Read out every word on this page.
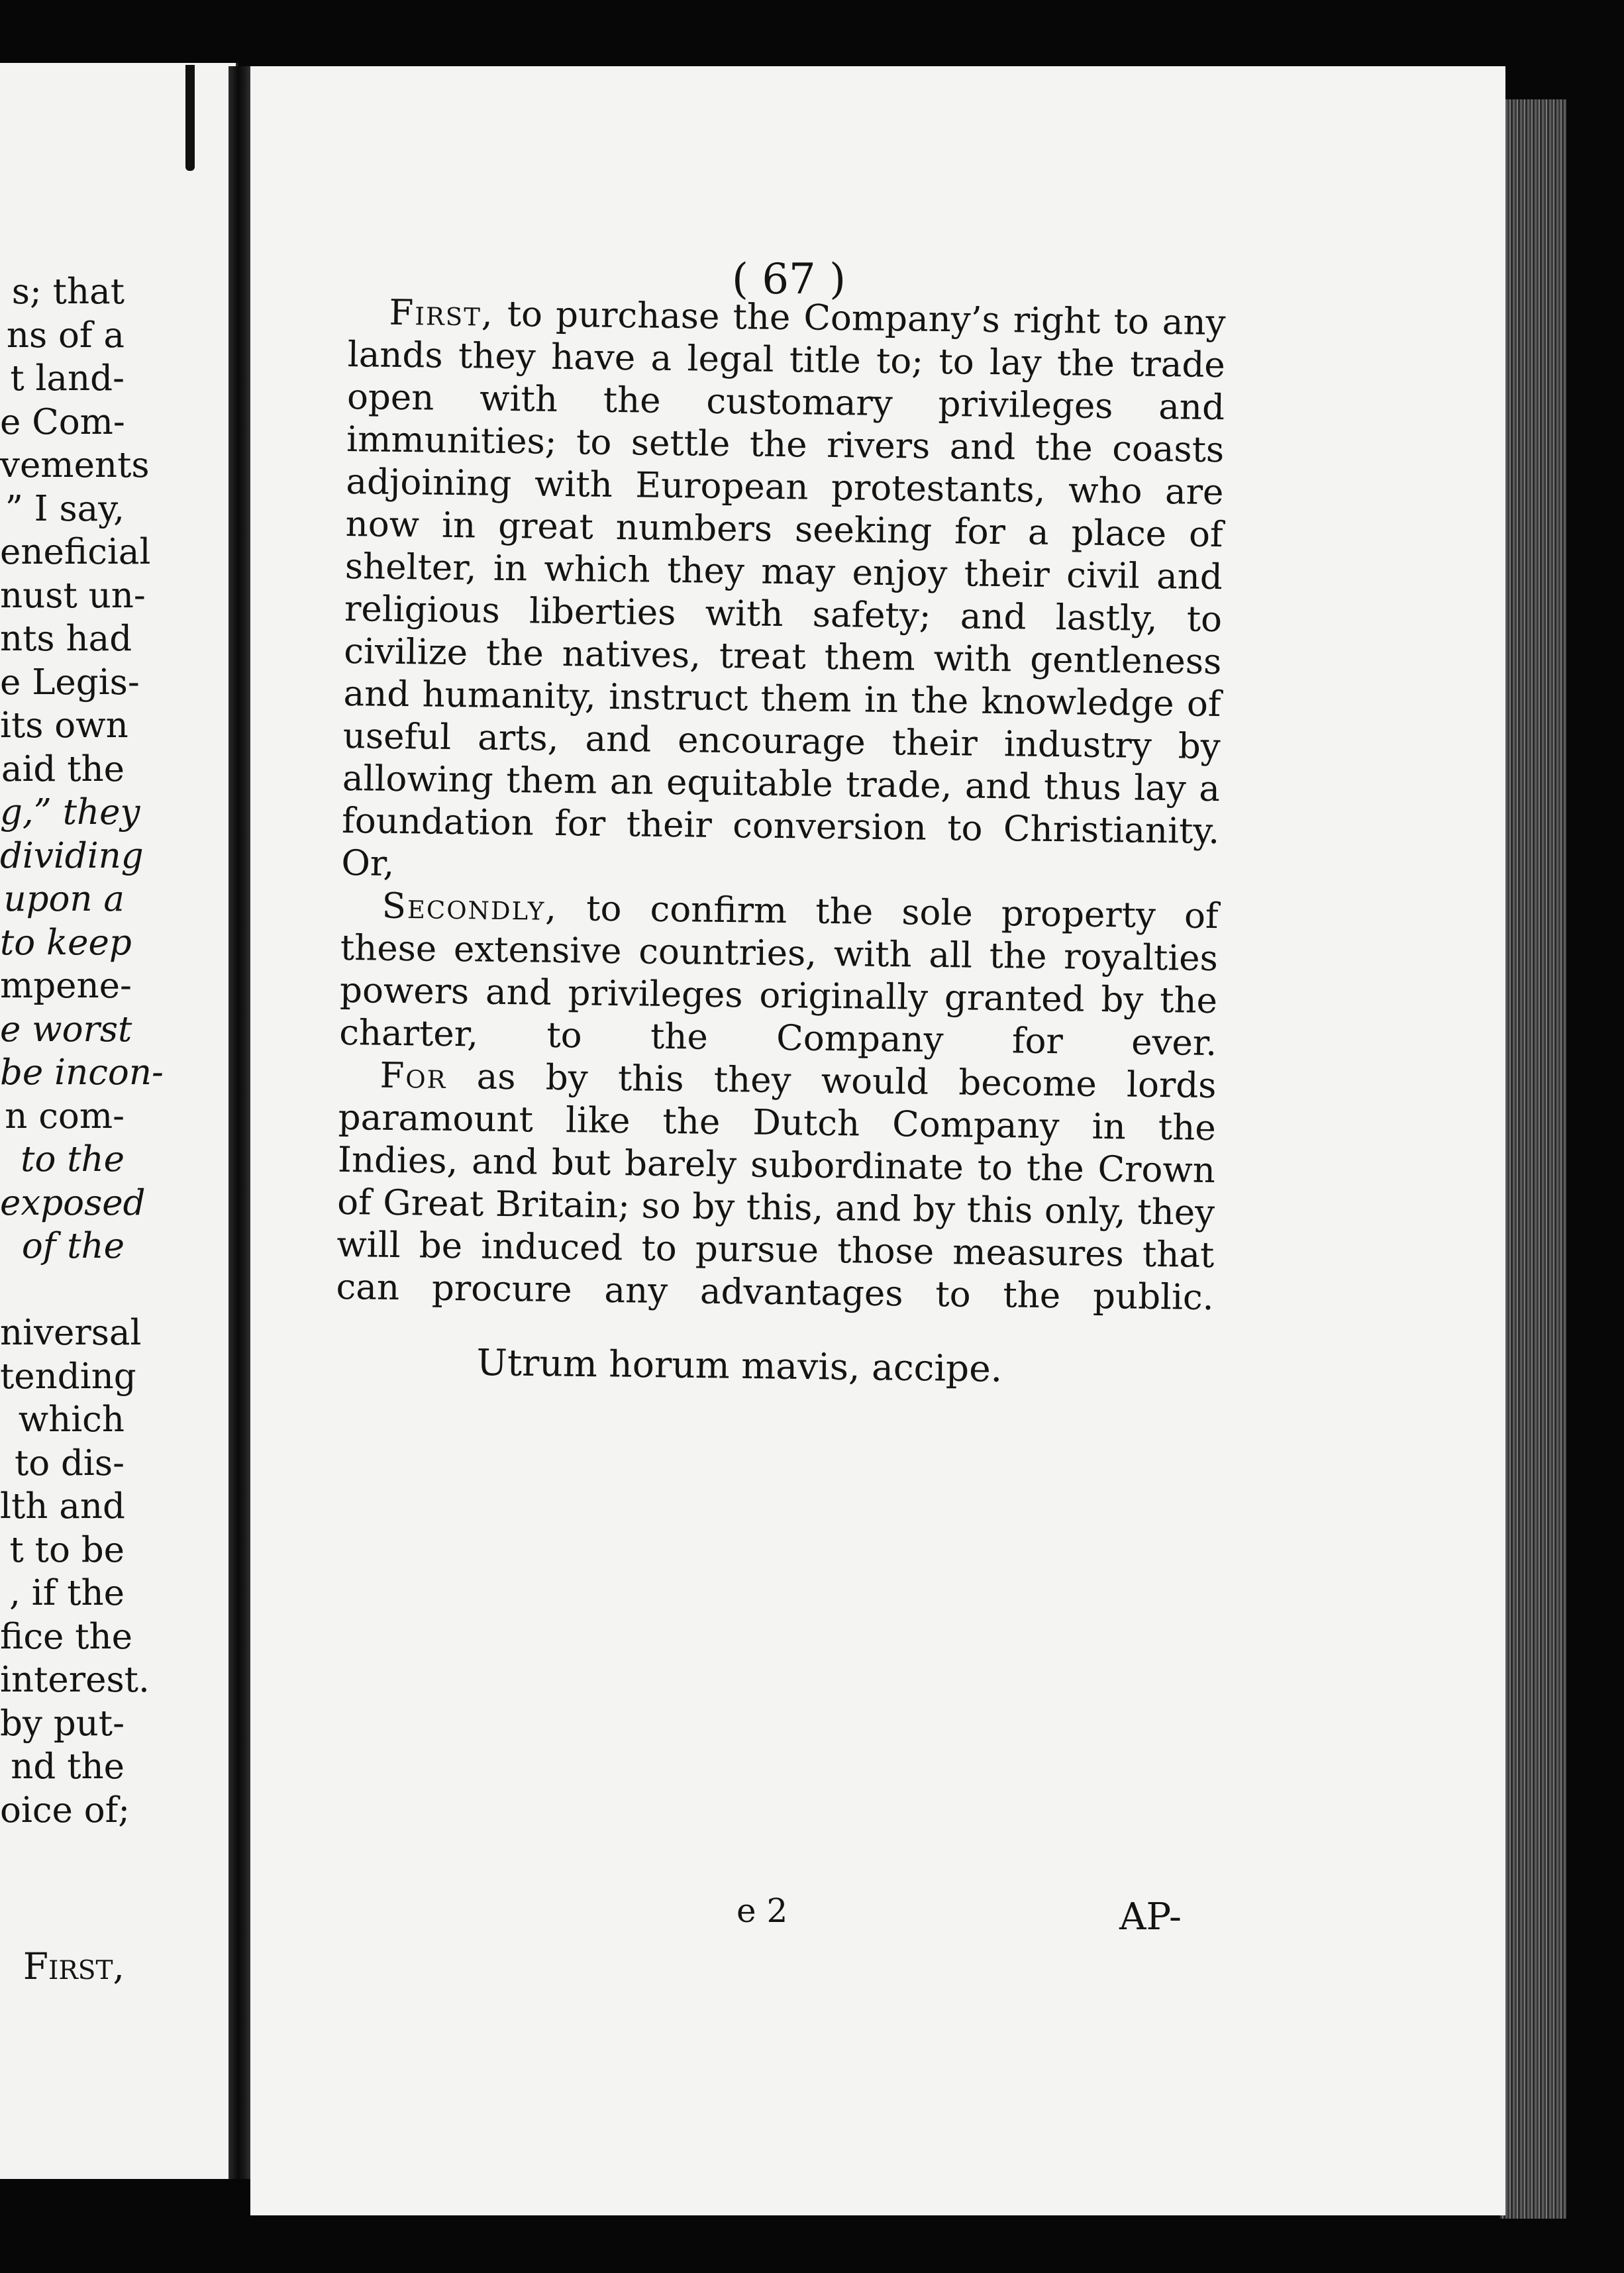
s; that
ns of a
t land-
e Com-
vements
” I say,
eneficial
nust un-
nts had
e Legis-
its own
aid the
g,” they
dividing
upon a
to keep
mpene-
e worst
be incon-
n com-
to the
exposed
of the
niversal
tending
which
to dis-
lth and
t to be
, if the
fice the
interest.
by put-
nd the
oice of;
First,
( 67 )

First, to purchase the Company’s right to any lands they have a legal title to; to lay the trade open with the customary privileges and immunities; to settle the rivers and the coasts adjoining with European protestants, who are now in great numbers seeking for a place of shelter, in which they may enjoy their civil and religious liberties with safety; and lastly, to civilize the natives, treat them with gentleness and humanity, instruct them in the knowledge of useful arts, and encourage their industry by allowing them an equitable trade, and thus lay a foundation for their conversion to Christianity. Or,

Secondly, to confirm the sole property of these extensive countries, with all the royalties powers and privileges originally granted by the charter, to the Company for ever.

For as by this they would become lords paramount like the Dutch Company in the Indies, and but barely subordinate to the Crown of Great Britain; so by this, and by this only, they will be induced to pursue those measures that can procure any advantages to the public.

Utrum horum mavis, accipe.
e 2	AP-
